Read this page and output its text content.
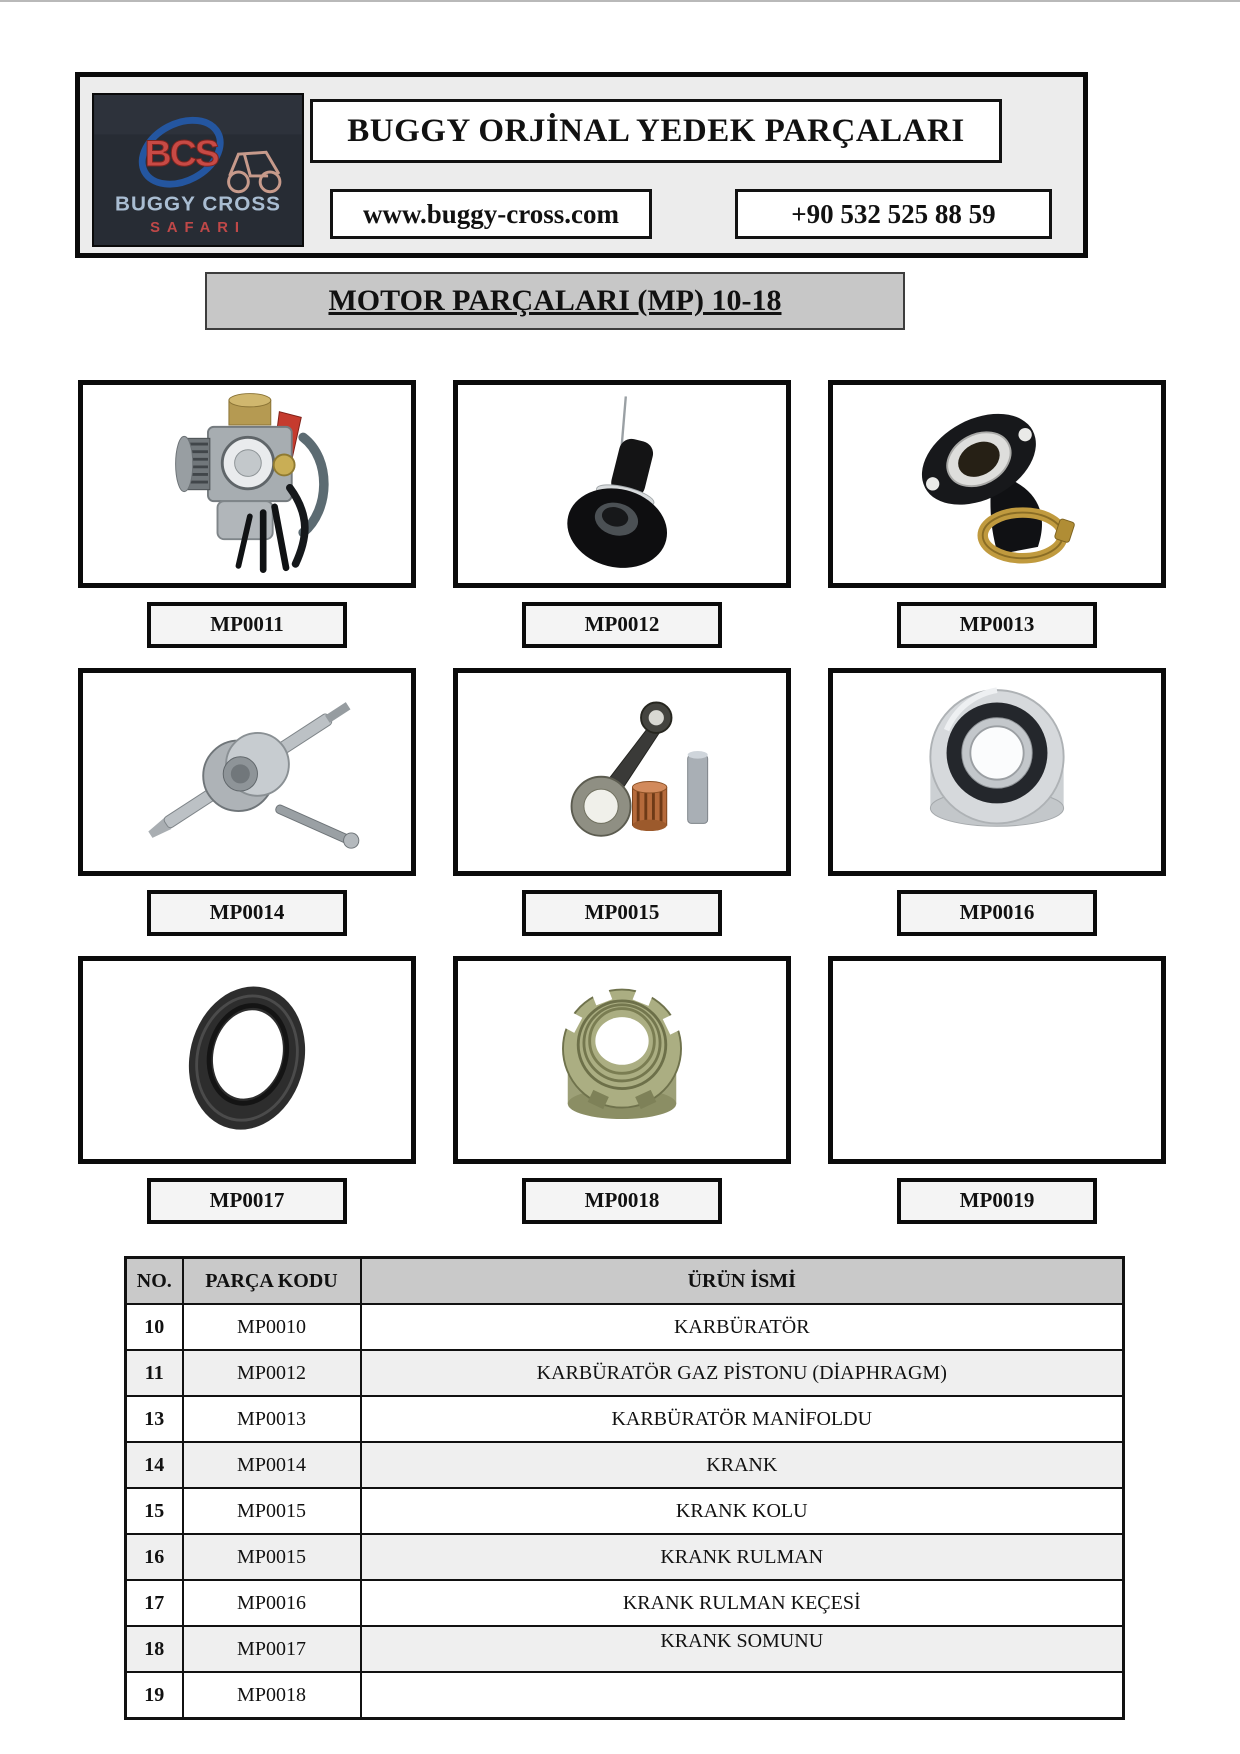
BCS
BUGGY CROSS
SAFARI
BUGGY ORJİNAL YEDEK PARÇALARI
www.buggy-cross.com	+90 532 525 88 59
MOTOR PARÇALARI (MP) 10-18
MP0011	MP0012	MP0013
MP0014	MP0015	MP0016
MP0017	MP0018	MP0019
NO.	PARÇA KODU	ÜRÜN İSMİ
10	MP0010	KARBÜRATÖR
11	MP0012	KARBÜRATÖR GAZ PİSTONU (DİAPHRAGM)
13	MP0013	KARBÜRATÖR MANİFOLDU
14	MP0014	KRANK
15	MP0015	KRANK KOLU
16	MP0015	KRANK RULMAN
17	MP0016	KRANK RULMAN KEÇESİ
18	MP0017	KRANK SOMUNU
19	MP0018	
